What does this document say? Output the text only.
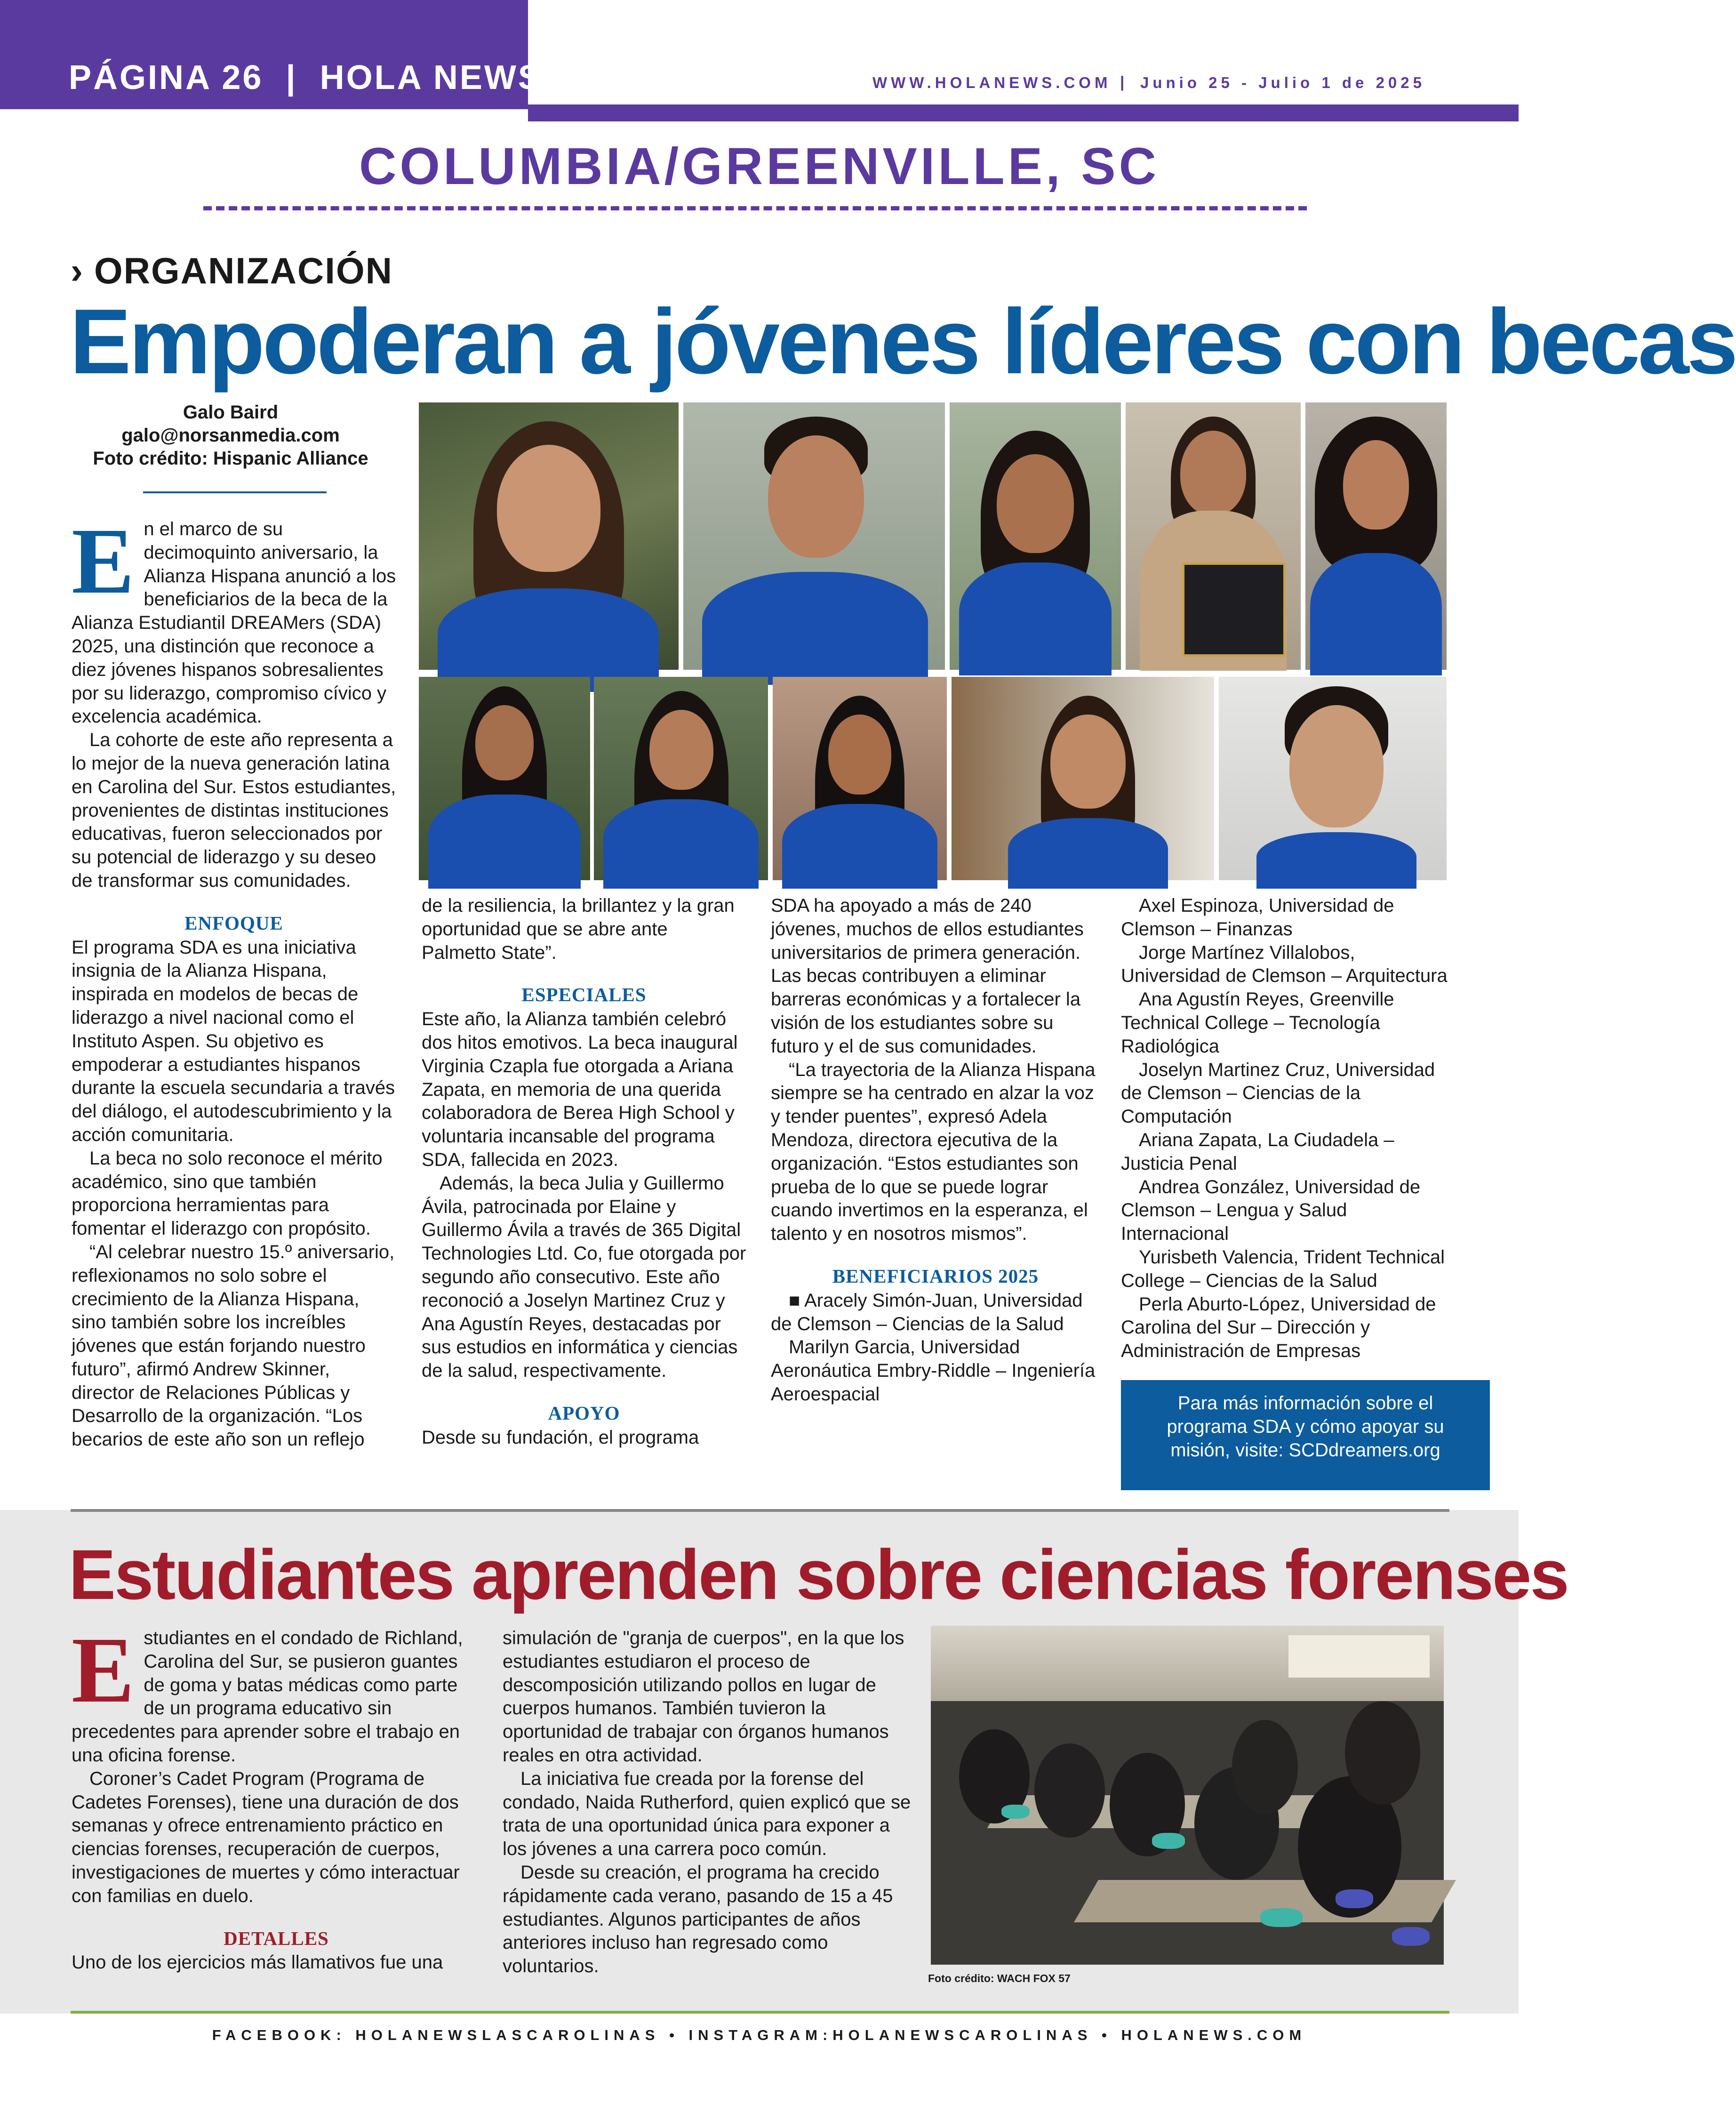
PÁGINA 26  |  HOLA NEWS	WWW.HOLANEWS.COM | Junio 25 - Julio 1 de 2025
COLUMBIA/GREENVILLE, SC
› ORGANIZACIÓN
Empoderan a jóvenes líderes con becas
Galo Baird
galo@norsanmedia.com
Foto crédito: Hispanic Alliance
E n el marco de su decimoquinto aniversario, la Alianza Hispana anunció a los beneficiarios de la beca de la Alianza Estudiantil DREAMers (SDA) 2025, una distinción que reconoce a diez jóvenes hispanos sobresalientes por su liderazgo, compromiso cívico y excelencia académica.

La cohorte de este año representa a lo mejor de la nueva generación latina en Carolina del Sur. Estos estudiantes, provenientes de distintas instituciones educativas, fueron seleccionados por su potencial de liderazgo y su deseo de transformar sus comunidades.

ENFOQUE

El programa SDA es una iniciativa insignia de la Alianza Hispana, inspirada en modelos de becas de liderazgo a nivel nacional como el Instituto Aspen. Su objetivo es empoderar a estudiantes hispanos durante la escuela secundaria a través del diálogo, el autodescubrimiento y la acción comunitaria.

La beca no solo reconoce el mérito académico, sino que también proporciona herramientas para fomentar el liderazgo con propósito.

“Al celebrar nuestro 15.º aniversario, reflexionamos no solo sobre el crecimiento de la Alianza Hispana, sino también sobre los increíbles jóvenes que están forjando nuestro futuro”, afirmó Andrew Skinner, director de Relaciones Públicas y Desarrollo de la organización. “Los becarios de este año son un reflejo

de la resiliencia, la brillantez y la gran oportunidad que se abre ante Palmetto State”.

ESPECIALES

Este año, la Alianza también celebró dos hitos emotivos. La beca inaugural Virginia Czapla fue otorgada a Ariana Zapata, en memoria de una querida colaboradora de Berea High School y voluntaria incansable del programa SDA, fallecida en 2023.

Además, la beca Julia y Guillermo Ávila, patrocinada por Elaine y Guillermo Ávila a través de 365 Digital Technologies Ltd. Co, fue otorgada por segundo año consecutivo. Este año reconoció a Joselyn Martinez Cruz y Ana Agustín Reyes, destacadas por sus estudios en informática y ciencias de la salud, respectivamente.

APOYO

Desde su fundación, el programa

SDA ha apoyado a más de 240 jóvenes, muchos de ellos estudiantes universitarios de primera generación. Las becas contribuyen a eliminar barreras económicas y a fortalecer la visión de los estudiantes sobre su futuro y el de sus comunidades.

“La trayectoria de la Alianza Hispana siempre se ha centrado en alzar la voz y tender puentes”, expresó Adela Mendoza, directora ejecutiva de la organización. “Estos estudiantes son prueba de lo que se puede lograr cuando invertimos en la esperanza, el talento y en nosotros mismos”.

BENEFICIARIOS 2025

■ Aracely Simón-Juan, Universidad de Clemson – Ciencias de la Salud

Marilyn Garcia, Universidad Aeronáutica Embry-Riddle – Ingeniería Aeroespacial

Axel Espinoza, Universidad de Clemson – Finanzas

Jorge Martínez Villalobos, Universidad de Clemson – Arquitectura

Ana Agustín Reyes, Greenville Technical College – Tecnología Radiológica

Joselyn Martinez Cruz, Universidad de Clemson – Ciencias de la Computación

Ariana Zapata, La Ciudadela – Justicia Penal

Andrea González, Universidad de Clemson – Lengua y Salud Internacional

Yurisbeth Valencia, Trident Technical College – Ciencias de la Salud

Perla Aburto-López, Universidad de Carolina del Sur – Dirección y Administración de Empresas

Para más información sobre el programa SDA y cómo apoyar su misión, visite: SCDdreamers.org
Estudiantes aprenden sobre ciencias forenses
E studiantes en el condado de Richland, Carolina del Sur, se pusieron guantes de goma y batas médicas como parte de un programa educativo sin precedentes para aprender sobre el trabajo en una oficina forense.

Coroner’s Cadet Program (Programa de Cadetes Forenses), tiene una duración de dos semanas y ofrece entrenamiento práctico en ciencias forenses, recuperación de cuerpos, investigaciones de muertes y cómo interactuar con familias en duelo.

DETALLES

Uno de los ejercicios más llamativos fue una

simulación de "granja de cuerpos", en la que los estudiantes estudiaron el proceso de descomposición utilizando pollos en lugar de cuerpos humanos. También tuvieron la oportunidad de trabajar con órganos humanos reales en otra actividad.

La iniciativa fue creada por la forense del condado, Naida Rutherford, quien explicó que se trata de una oportunidad única para exponer a los jóvenes a una carrera poco común.

Desde su creación, el programa ha crecido rápidamente cada verano, pasando de 15 a 45 estudiantes. Algunos participantes de años anteriores incluso han regresado como voluntarios.

Foto crédito: WACH FOX 57
FACEBOOK: HOLANEWSLASCAROLINAS • INSTAGRAM:HOLANEWSCAROLINAS • HOLANEWS.COM
